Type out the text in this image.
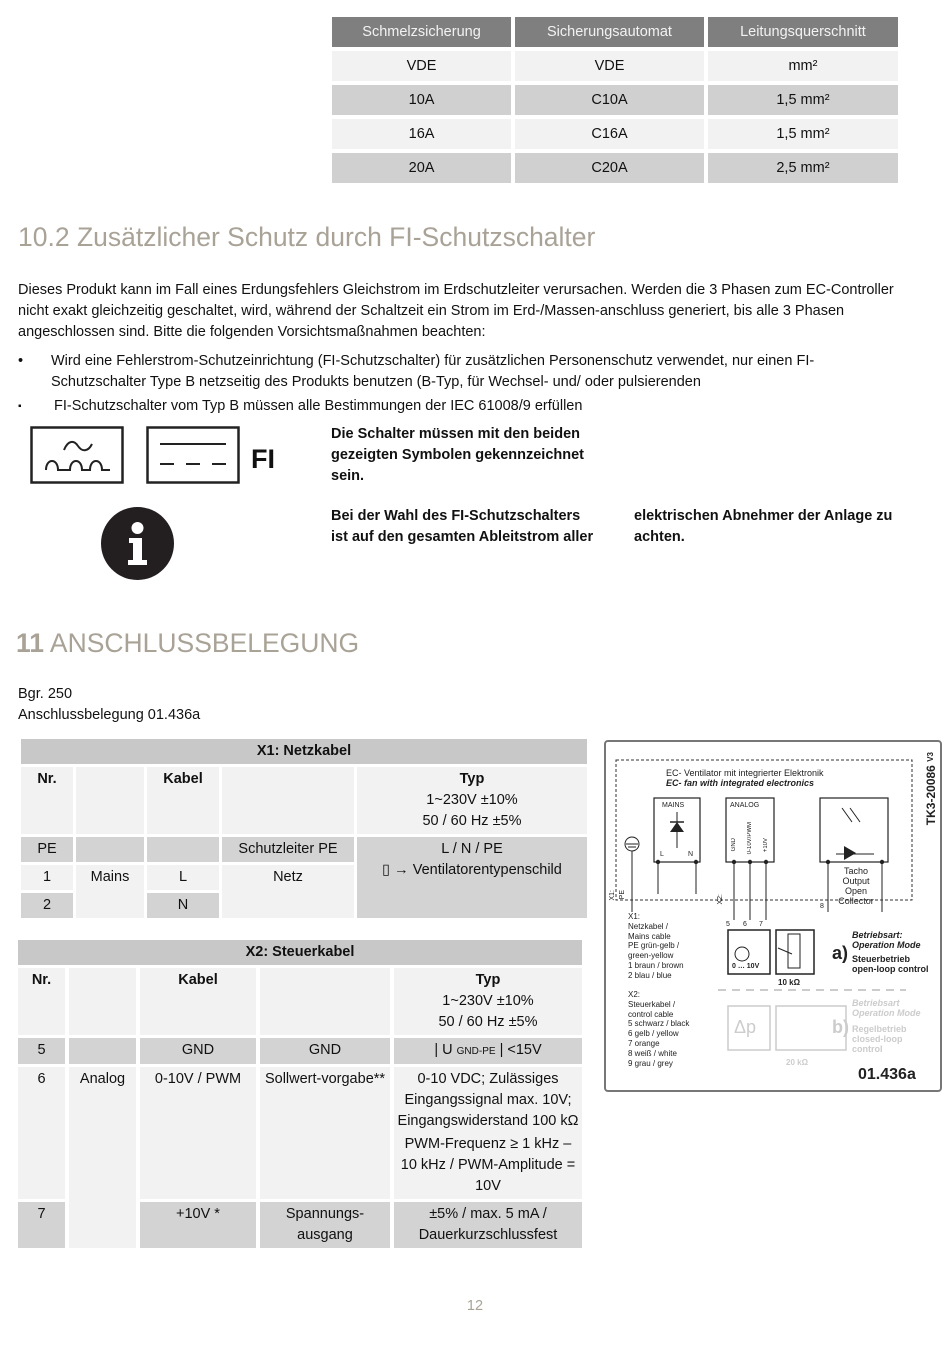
Schmelzsicherung	Sicherungsautomat	Leitungsquerschnitt
VDE	VDE	mm²
10A	C10A	1,5 mm²
16A	C16A	1,5 mm²
20A	C20A	2,5 mm²
10.2 Zusätzlicher Schutz durch FI-Schutzschalter

Dieses Produkt kann im Fall eines Erdungsfehlers Gleichstrom im Erdschutzleiter verursachen. Werden die 3 Phasen zum EC-Controller nicht exakt gleichzeitig geschaltet, wird, während der Schaltzeit ein Strom im Erd-/Massen-anschluss generiert, bis alle 3 Phasen angeschlossen sind. Bitte die folgenden Vorsichtsmaßnahmen beachten:

•	Wird eine Fehlerstrom-Schutzeinrichtung (FI-Schutzschalter) für zusätzlichen Personenschutz verwendet, nur einen FI-Schutzschalter Type B netzseitig des Produkts benutzen (B-Typ, für Wechsel- und/ oder pulsierenden

▪ FI-Schutzschalter vom Typ B müssen alle Bestimmungen der IEC 61008/9 erfüllen

FI

Die Schalter müssen mit den beiden gezeigten Symbolen gekennzeichnet sein.

Bei der Wahl des FI-Schutzschalters ist auf den gesamten Ableitstrom aller

elektrischen Abnehmer der Anlage zu achten.

11 ANSCHLUSSBELEGUNG

Bgr. 250

Anschlussbelegung 01.436a

X1: Netzkabel				
Nr.		Kabel		Typ
1~230V ±10%
50 / 60 Hz ±5%
PE			Schutzleiter PE	L / N / PE
▯ → Ventilatorentypenschild
1	Mains	L	Netz	
2		N		
X2: Steuerkabel				
Nr.		Kabel		Typ
1~230V ±10%
50 / 60 Hz ±5%
5		GND	GND	| U GND-PE | <15V
6	Analog	0-10V / PWM	Sollwert-vorgabe**	0-10 VDC; Zulässiges Eingangssignal max. 10V; Eingangswiderstand 100 kΩ
PWM-Frequenz ≥ 1 kHz – 10 kHz / PWM-Amplitude = 10V

7		+10V *	Spannungs-ausgang	±5% / max. 5 mA / Dauerkurzschlussfest
TK3-20086 V3
EC- Ventilator mit integrierter Elektronik
EC- fan with integrated electronics
MAINS	ANALOG
GND	0-10V/PWM	+10V
L	N
Tacho Output Open Collector
X1: PE	X2:
5 6 7
8
X1:
Netzkabel /
Mains cable
PE grün-gelb /
green-yellow
1 braun / brown
2 blau / blue
X2:
Steuerkabel /
control cable
5 schwarz / black
6 gelb / yellow
7 orange
8 weiß / white
9 grau / grey
0 … 10V
10 kΩ
a)
Betriebsart: Operation Mode
Steuerbetrieb open-loop control
Δp	b)
Betriebsart Operation Mode
Regelbetrieb closed-loop control
20 kΩ
01.436a
12
